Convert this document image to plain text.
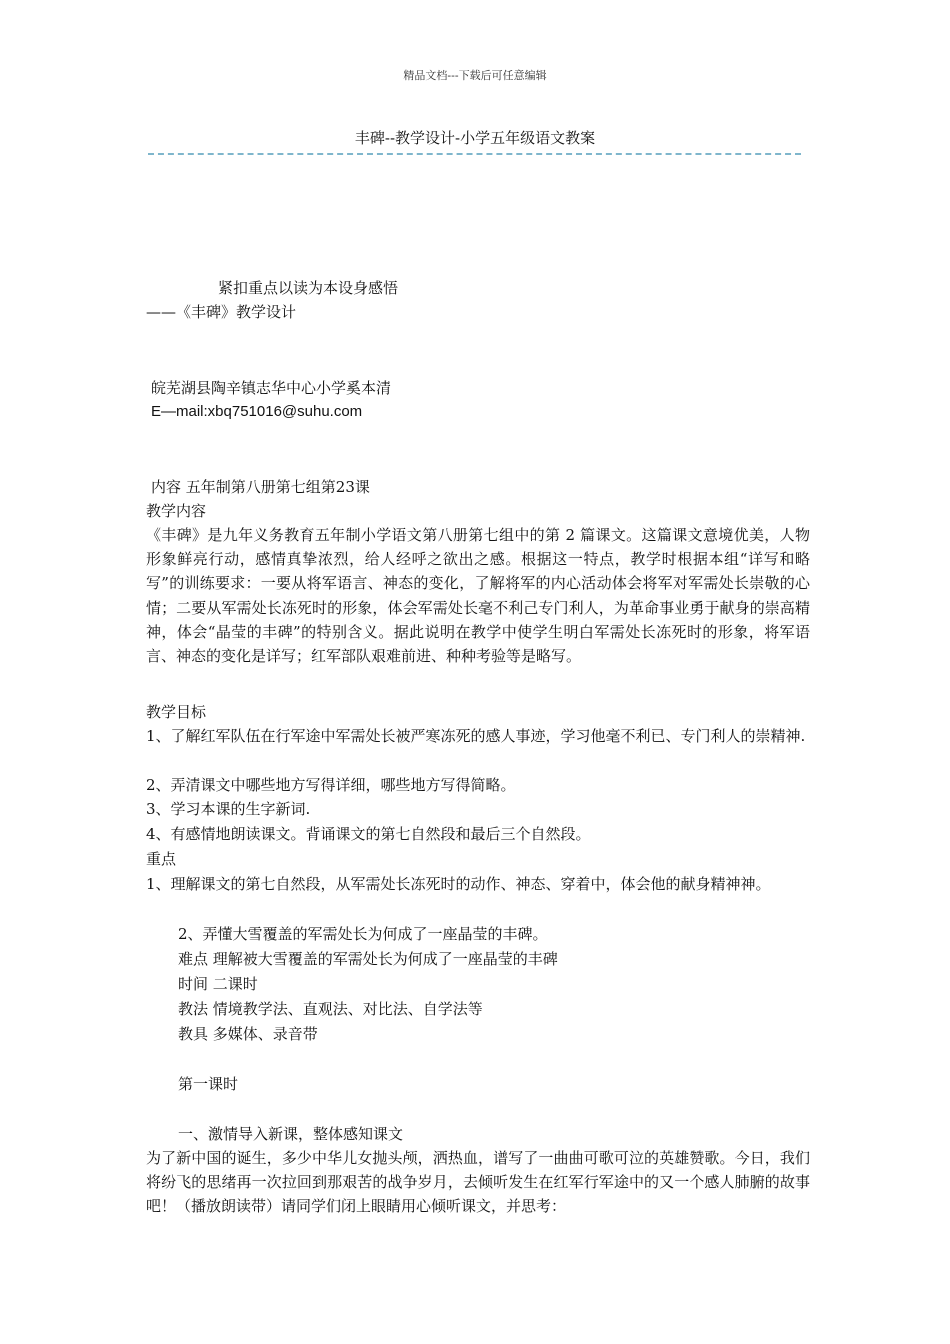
精品文档---下载后可任意编辑
丰碑--教学设计-小学五年级语文教案
紧扣重点以读为本设身感悟
——《丰碑》教学设计
皖芜湖县陶辛镇志华中心小学奚本清
E—mail:xbq751016@suhu.com
内容 五年制第八册第七组第23课
教学内容
《丰碑》是九年义务教育五年制小学语文第八册第七组中的第 2 篇课文。这篇课文意境优美，人物形象鲜亮行动，感情真挚浓烈，给人经呼之欲出之感。根据这一特点，教学时根据本组“详写和略写”的训练要求：一要从将军语言、神态的变化，了解将军的内心活动体会将军对军需处长崇敬的心情；二要从军需处长冻死时的形象，体会军需处长毫不利己专门利人，为革命事业勇于献身的崇高精神，体会“晶莹的丰碑”的特别含义。据此说明在教学中使学生明白军需处长冻死时的形象，将军语言、神态的变化是详写；红军部队艰难前进、种种考验等是略写。
教学目标
1、了解红军队伍在行军途中军需处长被严寒冻死的感人事迹，学习他毫不利已、专门利人的崇精神.
2、弄清课文中哪些地方写得详细，哪些地方写得简略。
3、学习本课的生字新词.
4、有感情地朗读课文。背诵课文的第七自然段和最后三个自然段。
重点
1、理解课文的第七自然段，从军需处长冻死时的动作、神态、穿着中，体会他的献身精神神。
2、弄懂大雪覆盖的军需处长为何成了一座晶莹的丰碑。
难点 理解被大雪覆盖的军需处长为何成了一座晶莹的丰碑
时间 二课时
教法 情境教学法、直观法、对比法、自学法等
教具 多媒体、录音带
第一课时
一、激情导入新课，整体感知课文
为了新中国的诞生，多少中华儿女抛头颅，洒热血，谱写了一曲曲可歌可泣的英雄赞歌。今日，我们将纷飞的思绪再一次拉回到那艰苦的战争岁月，去倾听发生在红军行军途中的又一个感人肺腑的故事吧！（播放朗读带）请同学们闭上眼睛用心倾听课文，并思考：
